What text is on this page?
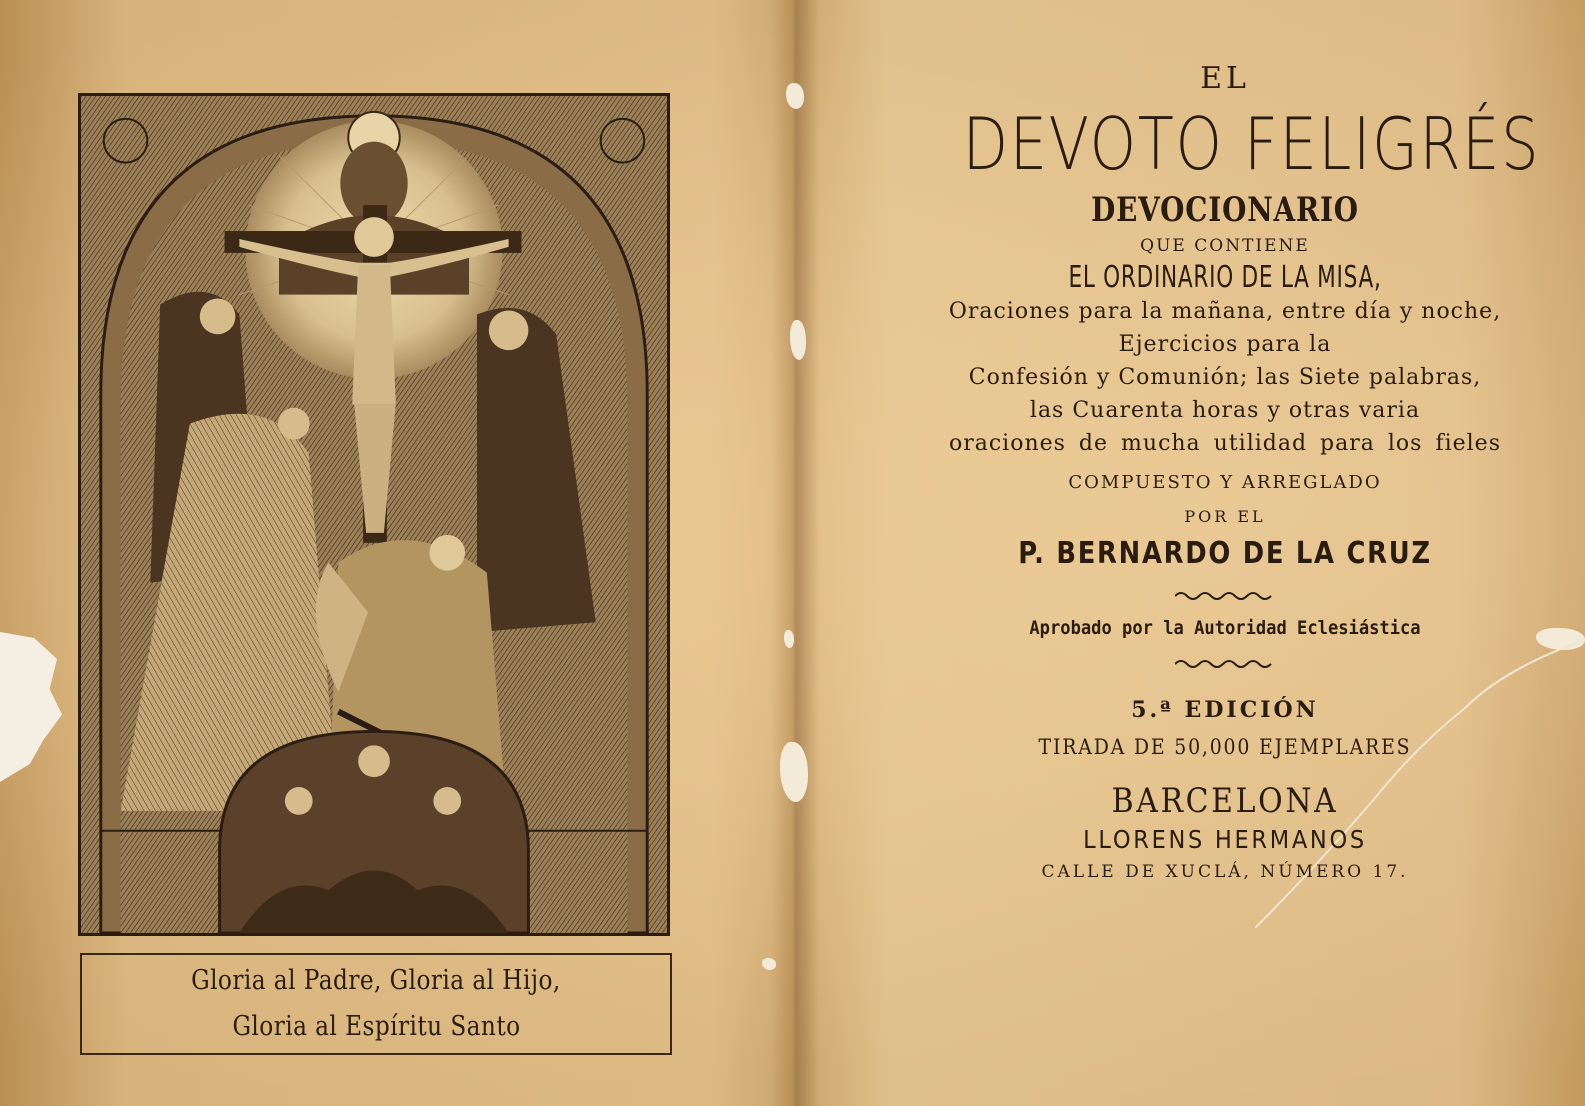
Gloria al Padre, Gloria al Hijo,
Gloria al Espíritu Santo
EL
DEVOTO FELIGRÉS
DEVOCIONARIO
QUE CONTIENE
EL ORDINARIO DE LA MISA,
Oraciones para la mañana, entre día y noche,
Ejercicios para la
Confesión y Comunión; las Siete palabras,
las Cuarenta horas y otras varia
oraciones de mucha utilidad para los fieles
COMPUESTO Y ARREGLADO
POR EL
P. BERNARDO DE LA CRUZ
Aprobado por la Autoridad Eclesiástica
5.ª EDICIÓN
TIRADA DE 50,000 EJEMPLARES
BARCELONA
LLORENS HERMANOS
CALLE DE XUCLÁ, NÚMERO 17.
